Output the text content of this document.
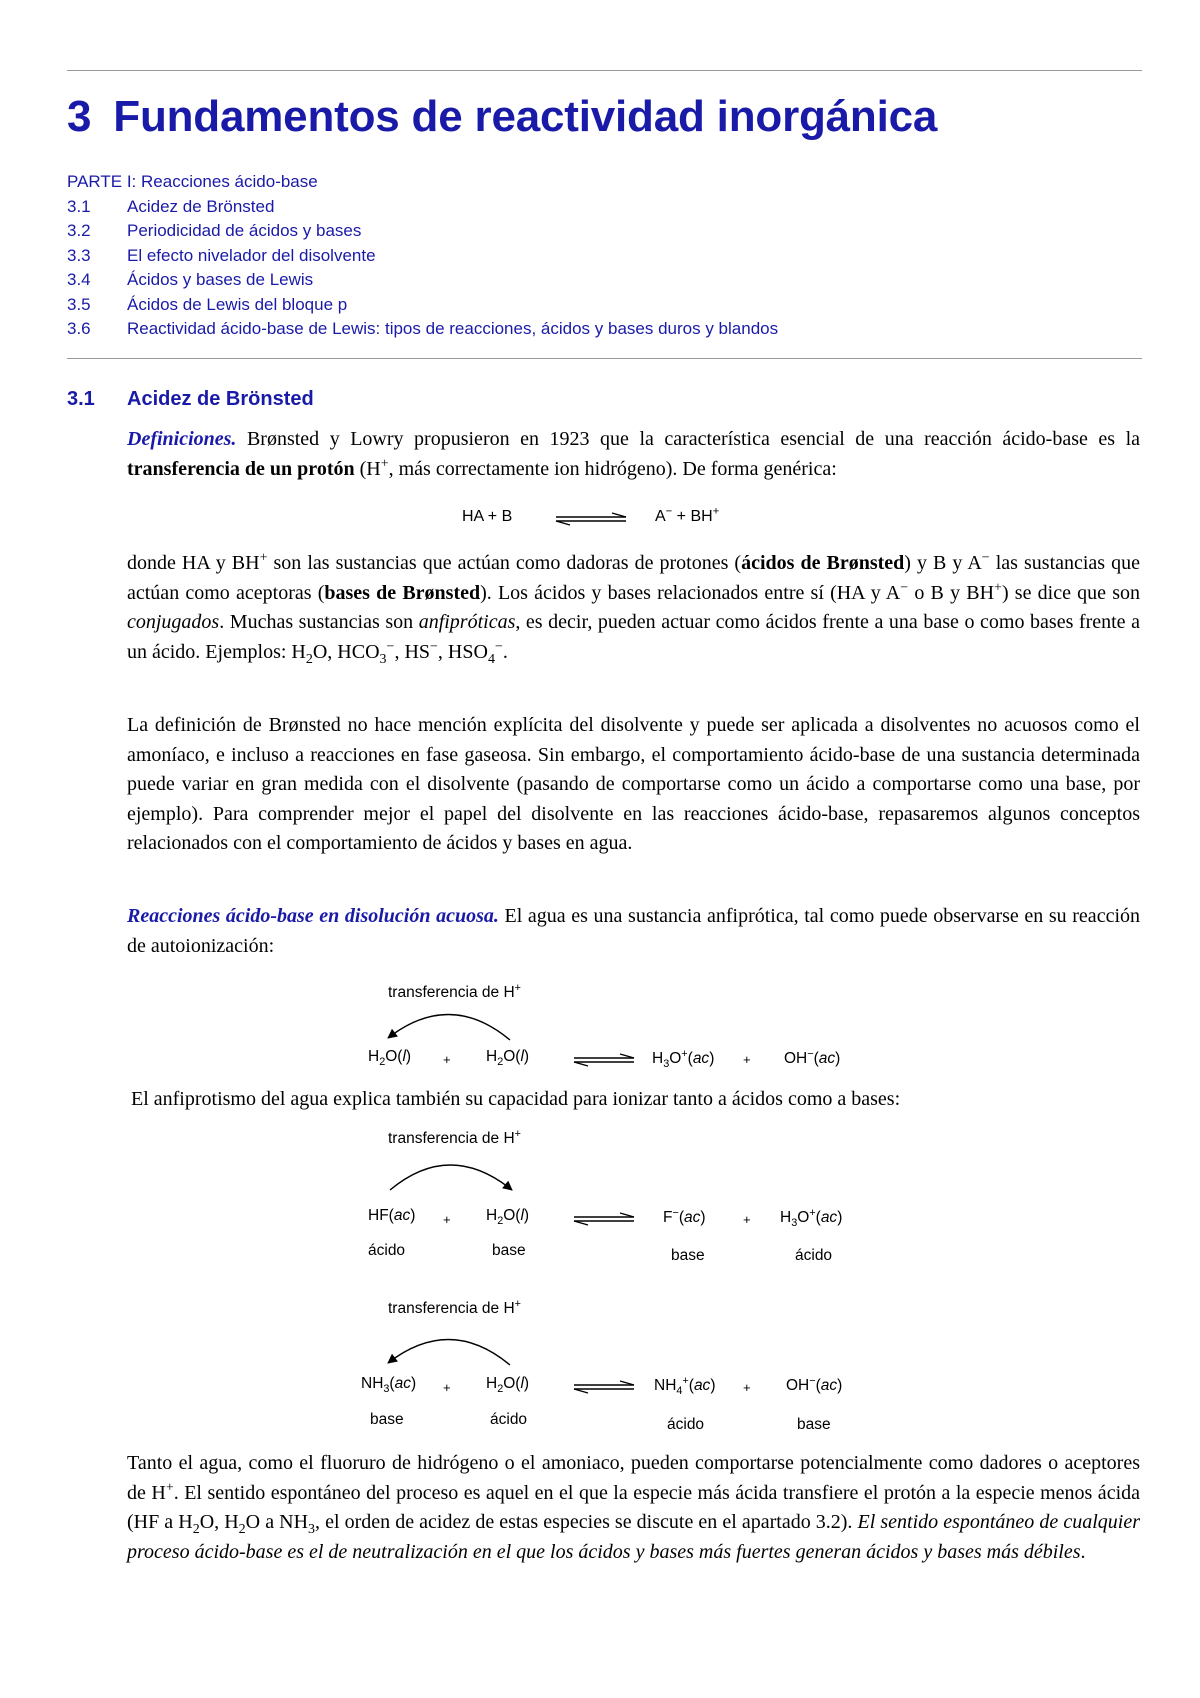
3 Fundamentos de reactividad inorgánica
PARTE I: Reacciones ácido-base
3.1 Acidez de Brönsted
3.2 Periodicidad de ácidos y bases
3.3 El efecto nivelador del disolvente
3.4 Ácidos y bases de Lewis
3.5 Ácidos de Lewis del bloque p
3.6 Reactividad ácido-base de Lewis: tipos de reacciones, ácidos y bases duros y blandos
3.1 Acidez de Brönsted
Definiciones. Brønsted y Lowry propusieron en 1923 que la característica esencial de una reacción ácido-base es la transferencia de un protón (H+, más correctamente ion hidrógeno). De forma genérica:
HA + B	A− + BH+
donde HA y BH+ son las sustancias que actúan como dadoras de protones (ácidos de Brønsted) y B y A− las sustancias que actúan como aceptoras (bases de Brønsted). Los ácidos y bases relacionados entre sí (HA y A− o B y BH+) se dice que son conjugados. Muchas sustancias son anfipróticas, es decir, pueden actuar como ácidos frente a una base o como bases frente a un ácido. Ejemplos: $H_2O$, $HCO_3^-$, HS−, $HSO_4^-$.
La definición de Brønsted no hace mención explícita del disolvente y puede ser aplicada a disolventes no acuosos como el amoníaco, e incluso a reacciones en fase gaseosa. Sin embargo, el comportamiento ácido-base de una sustancia determinada puede variar en gran medida con el disolvente (pasando de comportarse como un ácido a comportarse como una base, por ejemplo). Para comprender mejor el papel del disolvente en las reacciones ácido-base, repasaremos algunos conceptos relacionados con el comportamiento de ácidos y bases en agua.
Reacciones ácido-base en disolución acuosa. El agua es una sustancia anfiprótica, tal como puede observarse en su reacción de autoionización:
transferencia de H+
$H_2O(l) + H_2O(l)$	$H_3O^+(ac) + OH^-(ac)$
El anfiprotismo del agua explica también su capacidad para ionizar tanto a ácidos como a bases:
transferencia de H+
$HF(ac) + H_2O(l)$	F−(ac)	+ $H_3O^+(ac)$
ácido	base	base	ácido
transferencia de H+
$NH_3(ac) + H_2O(l)$	$NH_4^+(ac) + OH^-(ac)$
base	ácido	ácido	base
Tanto el agua, como el fluoruro de hidrógeno o el amoniaco, pueden comportarse potencialmente como dadores o aceptores de H+. El sentido espontáneo del proceso es aquel en el que la especie más ácida transfiere el protón a la especie menos ácida (HF a $H_2O$, $H_2O$ a $NH_3$, el orden de acidez de estas especies se discute en el apartado 3.2). El sentido espontáneo de cualquier proceso ácido-base es el de neutralización en el que los ácidos y bases más fuertes generan ácidos y bases más débiles.
